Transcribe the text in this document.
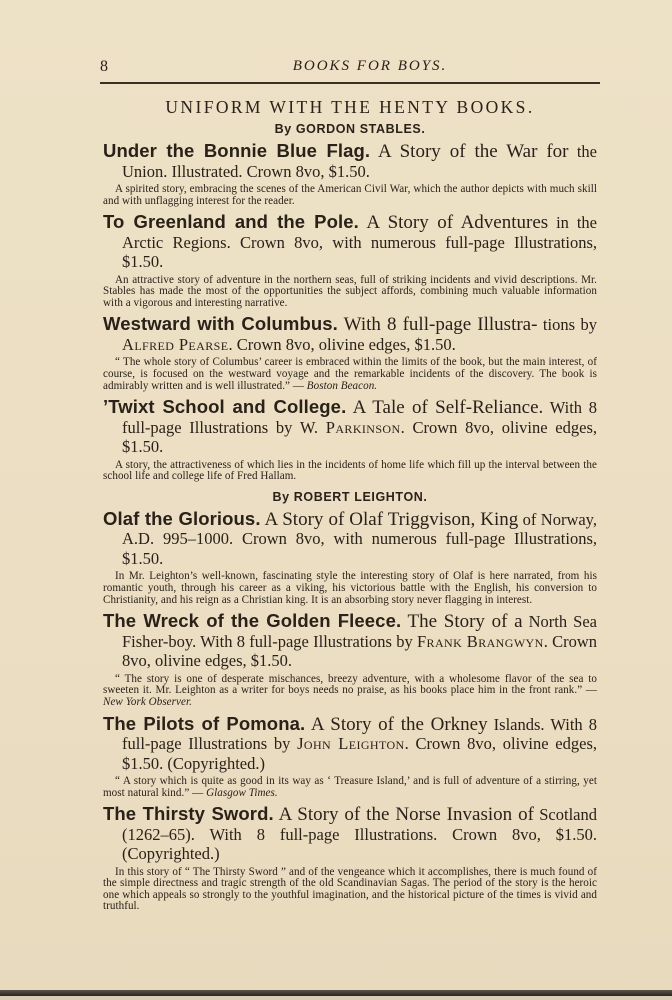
8	BOOKS FOR BOYS.
UNIFORM WITH THE HENTY BOOKS.
By GORDON STABLES.

Under the Bonnie Blue Flag. A Story of the War for the Union. Illustrated. Crown 8vo, $1.50.

A spirited story, embracing the scenes of the American Civil War, which the author depicts with much skill and with unflagging interest for the reader.

To Greenland and the Pole. A Story of Adventures in the Arctic Regions. Crown 8vo, with numerous full-page Illustrations, $1.50.

An attractive story of adventure in the northern seas, full of striking incidents and vivid descriptions. Mr. Stables has made the most of the opportunities the subject affords, combining much valuable information with a vigorous and interesting narrative.

Westward with Columbus. With 8 full-page Illustra- tions by Alfred Pearse. Crown 8vo, olivine edges, $1.50.

“ The whole story of Columbus’ career is embraced within the limits of the book, but the main interest, of course, is focused on the westward voyage and the remarkable incidents of the discovery. The book is admirably written and is well illustrated.” — Boston Beacon.

’Twixt School and College. A Tale of Self-Reliance. With 8 full-page Illustrations by W. Parkinson. Crown 8vo, olivine edges, $1.50.

A story, the attractiveness of which lies in the incidents of home life which fill up the interval between the school life and college life of Fred Hallam.

By ROBERT LEIGHTON.

Olaf the Glorious. A Story of Olaf Triggvison, King of Norway, A.D. 995–1000. Crown 8vo, with numerous full-page Illustrations, $1.50.

In Mr. Leighton’s well-known, fascinating style the interesting story of Olaf is here narrated, from his romantic youth, through his career as a viking, his victorious battle with the English, his conversion to Christianity, and his reign as a Christian king. It is an absorbing story never flagging in interest.

The Wreck of the Golden Fleece. The Story of a North Sea Fisher-boy. With 8 full-page Illustrations by Frank Brangwyn. Crown 8vo, olivine edges, $1.50.

“ The story is one of desperate mischances, breezy adventure, with a wholesome flavor of the sea to sweeten it. Mr. Leighton as a writer for boys needs no praise, as his books place him in the front rank.” — New York Observer.

The Pilots of Pomona. A Story of the Orkney Islands. With 8 full-page Illustrations by John Leighton. Crown 8vo, olivine edges, $1.50. (Copyrighted.)

“ A story which is quite as good in its way as ‘ Treasure Island,’ and is full of adventure of a stirring, yet most natural kind.” — Glasgow Times.

The Thirsty Sword. A Story of the Norse Invasion of Scotland (1262–65). With 8 full-page Illustrations. Crown 8vo, $1.50. (Copyrighted.)

In this story of “ The Thirsty Sword ” and of the vengeance which it accomplishes, there is much found of the simple directness and tragic strength of the old Scandinavian Sagas. The period of the story is the heroic one which appeals so strongly to the youthful imagination, and the historical picture of the times is vivid and truthful.
